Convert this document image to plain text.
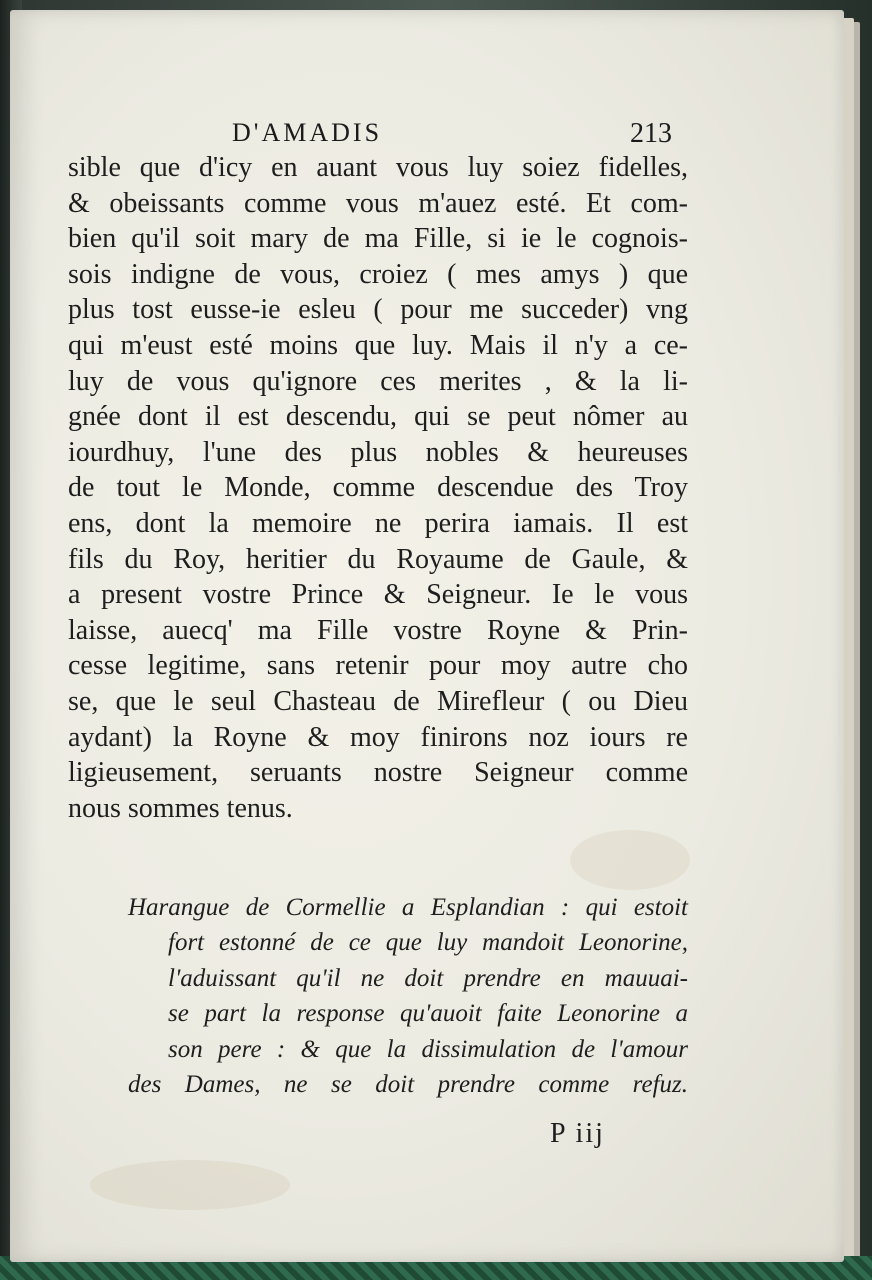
D'AMADIS	213
sible que d'icy en auant vous luy soiez fidelles,
& obeissants comme vous m'auez esté. Et com-
bien qu'il soit mary de ma Fille, si ie le cognois-
sois indigne de vous, croiez ( mes amys ) que
plus tost eusse-ie esleu ( pour me succeder) vng
qui m'eust esté moins que luy. Mais il n'y a ce-
luy de vous qu'ignore ces merites , & la li-
gnée dont il est descendu, qui se peut nômer au
iourdhuy, l'une des plus nobles & heureuses
de tout le Monde, comme descendue des Troy
ens, dont la memoire ne perira iamais. Il est
fils du Roy, heritier du Royaume de Gaule, &
a present vostre Prince & Seigneur. Ie le vous
laisse, auecq' ma Fille vostre Royne & Prin-
cesse legitime, sans retenir pour moy autre cho
se, que le seul Chasteau de Mirefleur ( ou Dieu
aydant) la Royne & moy finirons noz iours re
ligieusement, seruants nostre Seigneur comme
nous sommes tenus.
Harangue de Cormellie a Esplandian : qui estoit
fort estonné de ce que luy mandoit Leonorine,
l'aduissant qu'il ne doit prendre en mauuai-
se part la response qu'auoit faite Leonorine a
son pere : & que la dissimulation de l'amour
des Dames, ne se doit prendre comme refuz.
P iij
